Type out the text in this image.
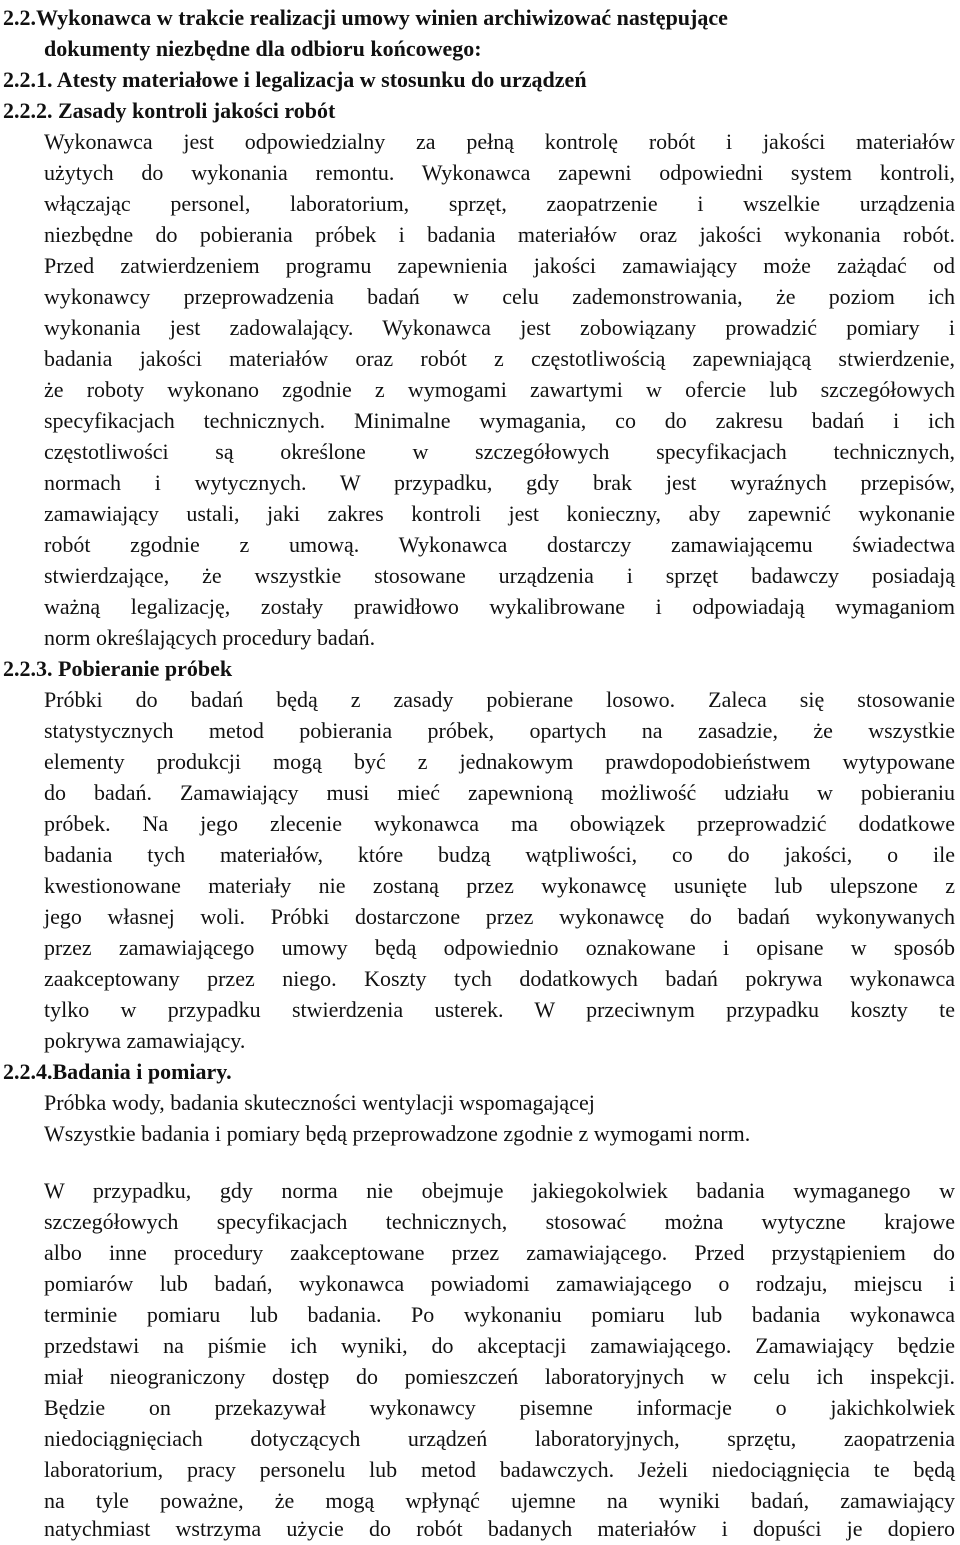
2.2.Wykonawca w trakcie realizacji umowy winien archiwizować następujące
dokumenty niezbędne dla odbioru końcowego:
2.2.1. Atesty materiałowe i legalizacja w stosunku do urządzeń
2.2.2. Zasady kontroli jakości robót
Wykonawca jest odpowiedzialny za pełną kontrolę robót i jakości materiałów
użytych do wykonania remontu. Wykonawca zapewni odpowiedni system kontroli,
włączając personel, laboratorium, sprzęt, zaopatrzenie i wszelkie urządzenia
niezbędne do pobierania próbek i badania materiałów oraz jakości wykonania robót.
Przed zatwierdzeniem programu zapewnienia jakości zamawiający może zażądać od
wykonawcy przeprowadzenia badań w celu zademonstrowania, że poziom ich
wykonania jest zadowalający. Wykonawca jest zobowiązany prowadzić pomiary i
badania jakości materiałów oraz robót z częstotliwością zapewniającą stwierdzenie,
że roboty wykonano zgodnie z wymogami zawartymi w ofercie lub szczegółowych
specyfikacjach technicznych. Minimalne wymagania, co do zakresu badań i ich
częstotliwości są określone w szczegółowych specyfikacjach technicznych,
normach i wytycznych. W przypadku, gdy brak jest wyraźnych przepisów,
zamawiający ustali, jaki zakres kontroli jest konieczny, aby zapewnić wykonanie
robót zgodnie z umową. Wykonawca dostarczy zamawiającemu świadectwa
stwierdzające, że wszystkie stosowane urządzenia i sprzęt badawczy posiadają
ważną legalizację, zostały prawidłowo wykalibrowane i odpowiadają wymaganiom
norm określających procedury badań.
2.2.3. Pobieranie próbek
Próbki do badań będą z zasady pobierane losowo. Zaleca się stosowanie
statystycznych metod pobierania próbek, opartych na zasadzie, że wszystkie
elementy produkcji mogą być z jednakowym prawdopodobieństwem wytypowane
do badań. Zamawiający musi mieć zapewnioną możliwość udziału w pobieraniu
próbek. Na jego zlecenie wykonawca ma obowiązek przeprowadzić dodatkowe
badania tych materiałów, które budzą wątpliwości, co do jakości, o ile
kwestionowane materiały nie zostaną przez wykonawcę usunięte lub ulepszone z
jego własnej woli. Próbki dostarczone przez wykonawcę do badań wykonywanych
przez zamawiającego umowy będą odpowiednio oznakowane i opisane w sposób
zaakceptowany przez niego. Koszty tych dodatkowych badań pokrywa wykonawca
tylko w przypadku stwierdzenia usterek. W przeciwnym przypadku koszty te
pokrywa zamawiający.
2.2.4.Badania i pomiary.
Próbka wody, badania skuteczności wentylacji wspomagającej
Wszystkie badania i pomiary będą przeprowadzone zgodnie z wymogami norm.
W przypadku, gdy norma nie obejmuje jakiegokolwiek badania wymaganego w
szczegółowych specyfikacjach technicznych, stosować można wytyczne krajowe
albo inne procedury zaakceptowane przez zamawiającego. Przed przystąpieniem do
pomiarów lub badań, wykonawca powiadomi zamawiającego o rodzaju, miejscu i
terminie pomiaru lub badania. Po wykonaniu pomiaru lub badania wykonawca
przedstawi na piśmie ich wyniki, do akceptacji zamawiającego. Zamawiający będzie
miał nieograniczony dostęp do pomieszczeń laboratoryjnych w celu ich inspekcji.
Będzie on przekazywał wykonawcy pisemne informacje o jakichkolwiek
niedociągnięciach dotyczących urządzeń laboratoryjnych, sprzętu, zaopatrzenia
laboratorium, pracy personelu lub metod badawczych. Jeżeli niedociągnięcia te będą
na tyle poważne, że mogą wpłynąć ujemne na wyniki badań, zamawiający
natychmiast wstrzyma użycie do robót badanych materiałów i dopuści je dopiero
